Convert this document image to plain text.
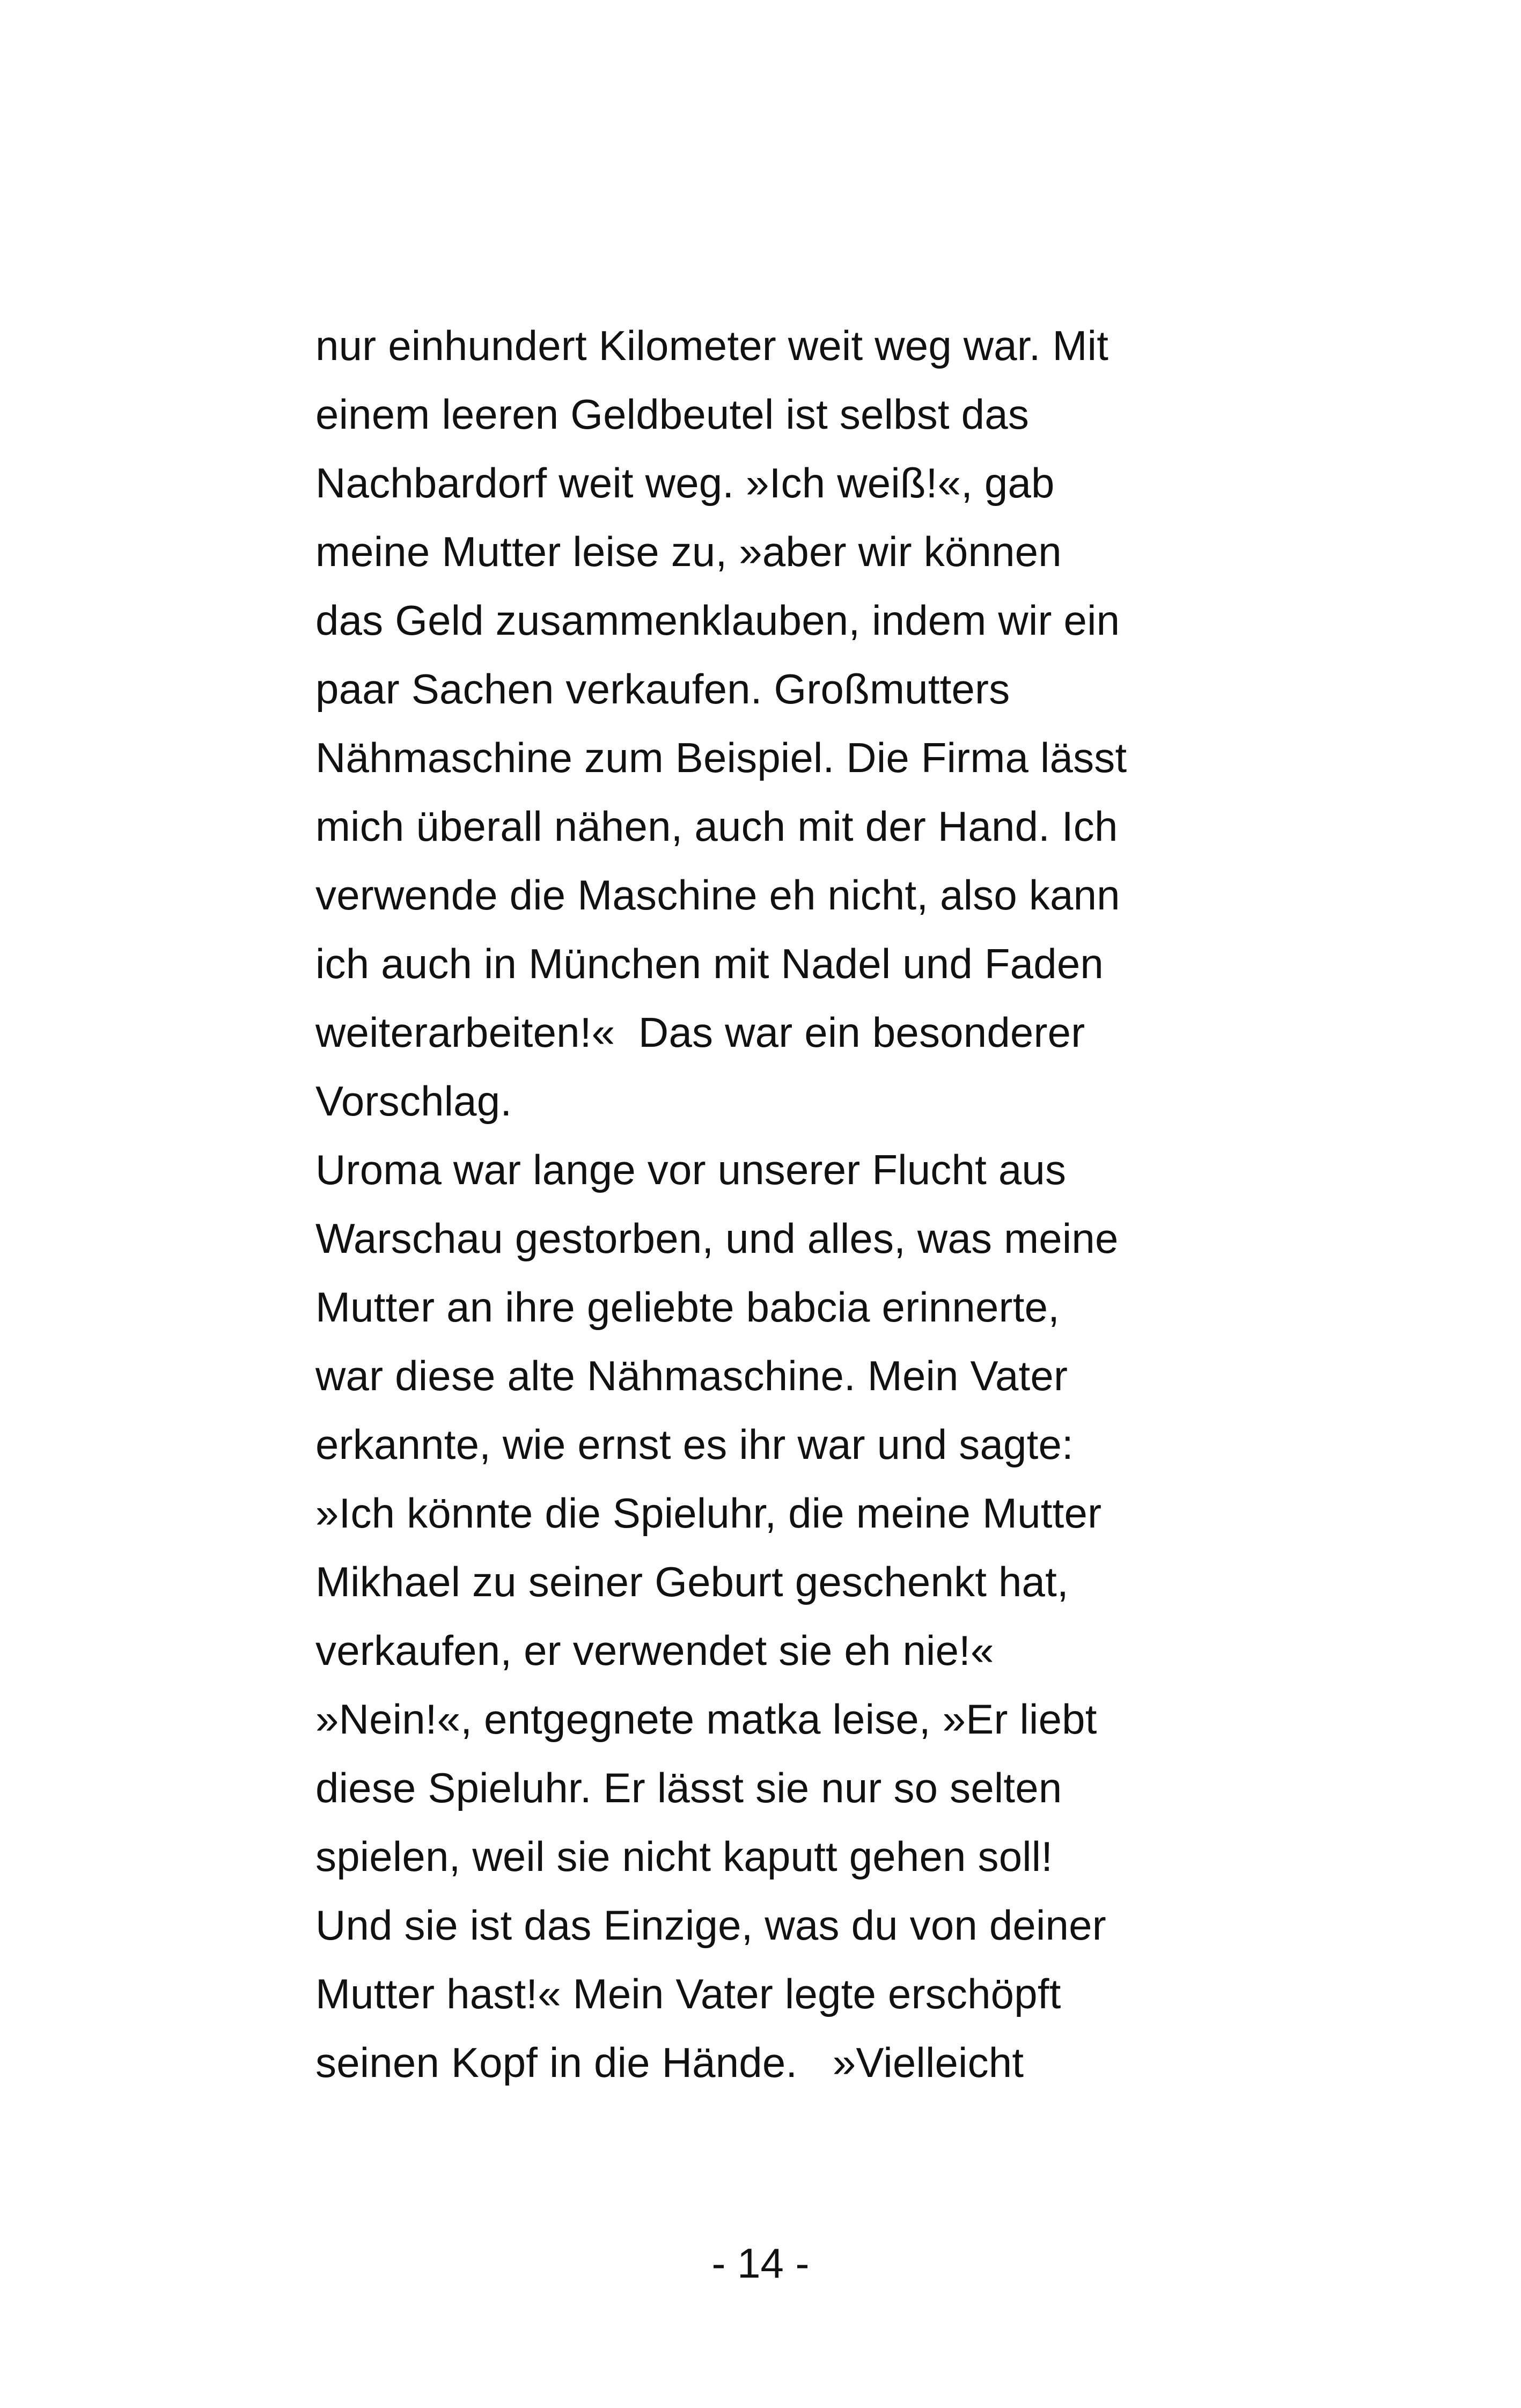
nur einhundert Kilometer weit weg war. Mit
einem leeren Geldbeutel ist selbst das
Nachbardorf weit weg. »Ich weiß!«, gab
meine Mutter leise zu, »aber wir können
das Geld zusammenklauben, indem wir ein
paar Sachen verkaufen. Großmutters
Nähmaschine zum Beispiel. Die Firma lässt
mich überall nähen, auch mit der Hand. Ich
verwende die Maschine eh nicht, also kann
ich auch in München mit Nadel und Faden
weiterarbeiten!«  Das war ein besonderer
Vorschlag.
Uroma war lange vor unserer Flucht aus
Warschau gestorben, und alles, was meine
Mutter an ihre geliebte babcia erinnerte,
war diese alte Nähmaschine. Mein Vater
erkannte, wie ernst es ihr war und sagte:
»Ich könnte die Spieluhr, die meine Mutter
Mikhael zu seiner Geburt geschenkt hat,
verkaufen, er verwendet sie eh nie!«
»Nein!«, entgegnete matka leise, »Er liebt
diese Spieluhr. Er lässt sie nur so selten
spielen, weil sie nicht kaputt gehen soll!
Und sie ist das Einzige, was du von deiner
Mutter hast!« Mein Vater legte erschöpft
seinen Kopf in die Hände.   »Vielleicht
- 14 -
